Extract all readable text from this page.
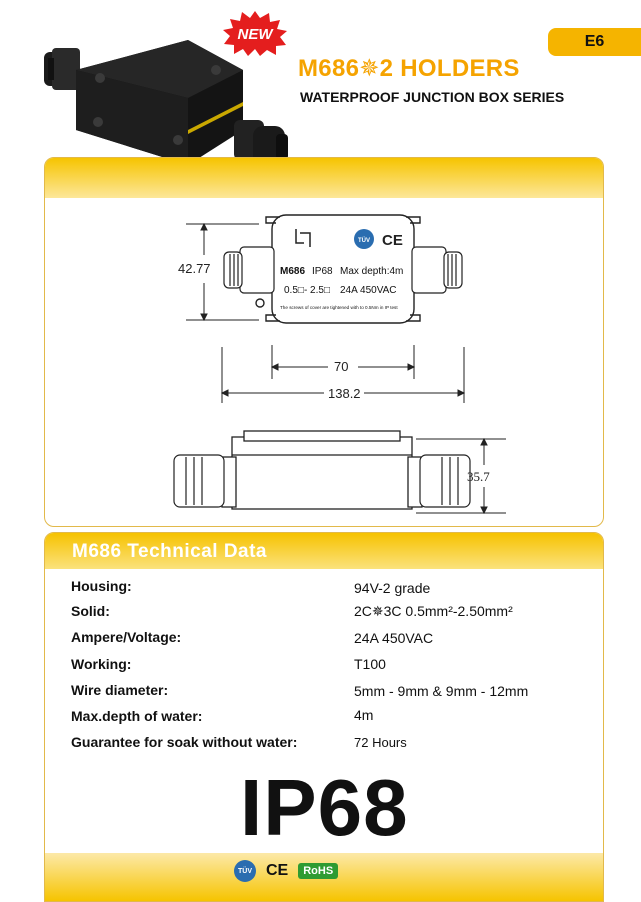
E6
NEW
M686✵2 HOLDERS
WATERPROOF JUNCTION BOX SERIES
42.77
TÜV CE
M686 IP68 Max depth:4m
0.5□- 2.5□ 24A 450VAC
The screws of cover are tightened with to 0.5Nm in IP test
70
138.2
35.7
M686 Technical Data
Housing:	94V-2 grade
Solid:	2C✵3C 0.5mm²-2.50mm²
Ampere/Voltage:	24A 450VAC
Working:	T100
Wire diameter:	5mm - 9mm & 9mm - 12mm
Max.depth of water:	4m
Guarantee for soak without water:	72 Hours
IP68
TÜV CE	RoHS
